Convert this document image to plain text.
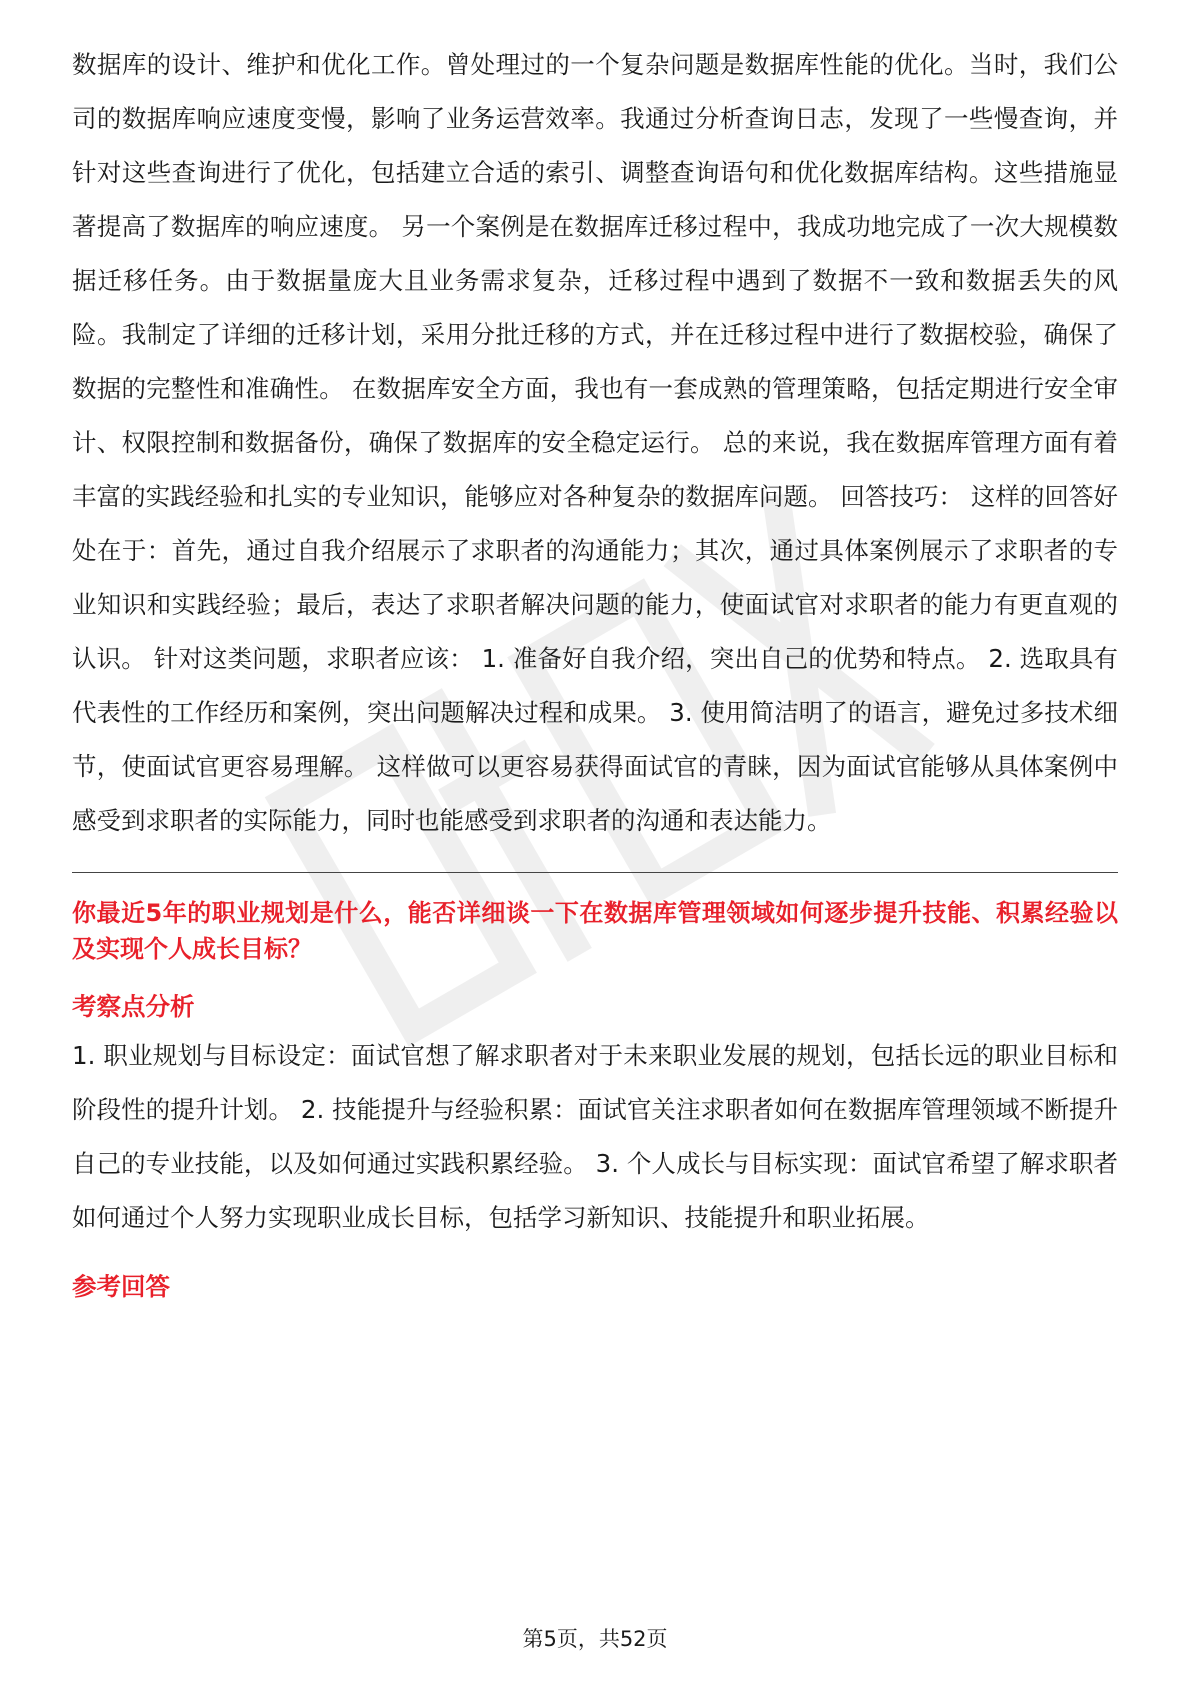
数据库的设计、维护和优化工作。曾处理过的一个复杂问题是数据库性能的优化。当时，我们公司的数据库响应速度变慢，影响了业务运营效率。我通过分析查询日志，发现了一些慢查询，并针对这些查询进行了优化，包括建立合适的索引、调整查询语句和优化数据库结构。这些措施显著提高了数据库的响应速度。 另一个案例是在数据库迁移过程中，我成功地完成了一次大规模数据迁移任务。由于数据量庞大且业务需求复杂，迁移过程中遇到了数据不一致和数据丢失的风险。我制定了详细的迁移计划，采用分批迁移的方式，并在迁移过程中进行了数据校验，确保了数据的完整性和准确性。 在数据库安全方面，我也有一套成熟的管理策略，包括定期进行安全审计、权限控制和数据备份，确保了数据库的安全稳定运行。 总的来说，我在数据库管理方面有着丰富的实践经验和扎实的专业知识，能够应对各种复杂的数据库问题。 回答技巧： 这样的回答好处在于：首先，通过自我介绍展示了求职者的沟通能力；其次，通过具体案例展示了求职者的专业知识和实践经验；最后，表达了求职者解决问题的能力，使面试官对求职者的能力有更直观的认识。 针对这类问题，求职者应该： 1. 准备好自我介绍，突出自己的优势和特点。 2. 选取具有代表性的工作经历和案例，突出问题解决过程和成果。 3. 使用简洁明了的语言，避免过多技术细节，使面试官更容易理解。 这样做可以更容易获得面试官的青睐，因为面试官能够从具体案例中感受到求职者的实际能力，同时也能感受到求职者的沟通和表达能力。

你最近5年的职业规划是什么，能否详细谈一下在数据库管理领域如何逐步提升技能、积累经验以及实现个人成长目标？

考察点分析

1. 职业规划与目标设定：面试官想了解求职者对于未来职业发展的规划，包括长远的职业目标和阶段性的提升计划。 2. 技能提升与经验积累：面试官关注求职者如何在数据库管理领域不断提升自己的专业技能，以及如何通过实践积累经验。 3. 个人成长与目标实现：面试官希望了解求职者如何通过个人努力实现职业成长目标，包括学习新知识、技能提升和职业拓展。

参考回答
第5页，共52页
